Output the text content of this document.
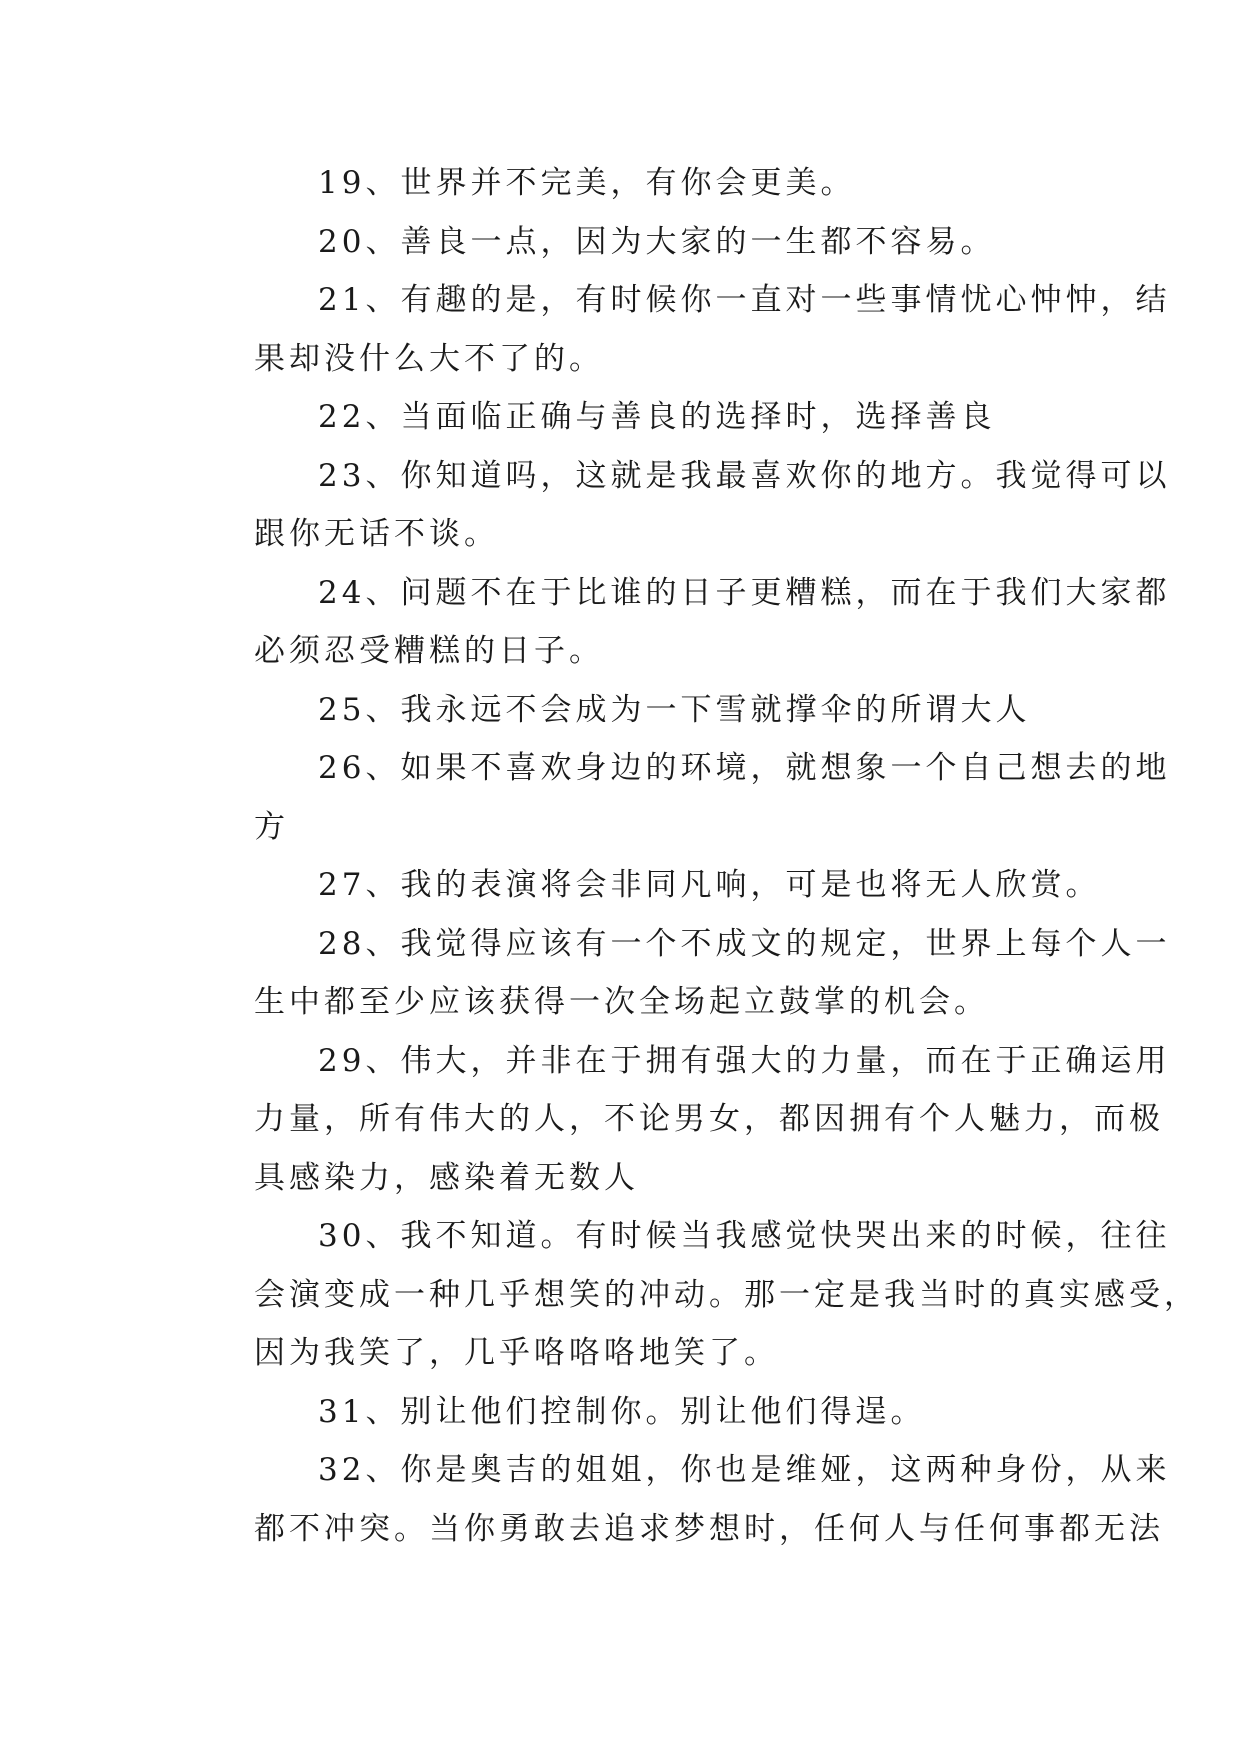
19、世界并不完美，有你会更美。

20、善良一点，因为大家的一生都不容易。

21、有趣的是，有时候你一直对一些事情忧心忡忡，结
果却没什么大不了的。

22、当面临正确与善良的选择时，选择善良

23、你知道吗，这就是我最喜欢你的地方。我觉得可以
跟你无话不谈。

24、问题不在于比谁的日子更糟糕，而在于我们大家都
必须忍受糟糕的日子。

25、我永远不会成为一下雪就撑伞的所谓大人

26、如果不喜欢身边的环境，就想象一个自己想去的地
方

27、我的表演将会非同凡响，可是也将无人欣赏。

28、我觉得应该有一个不成文的规定，世界上每个人一
生中都至少应该获得一次全场起立鼓掌的机会。

29、伟大，并非在于拥有强大的力量，而在于正确运用
力量，所有伟大的人，不论男女，都因拥有个人魅力，而极
具感染力，感染着无数人

30、我不知道。有时候当我感觉快哭出来的时候，往往
会演变成一种几乎想笑的冲动。那一定是我当时的真实感受，
因为我笑了，几乎咯咯咯地笑了。

31、别让他们控制你。别让他们得逞。

32、你是奥吉的姐姐，你也是维娅，这两种身份，从来
都不冲突。当你勇敢去追求梦想时，任何人与任何事都无法
